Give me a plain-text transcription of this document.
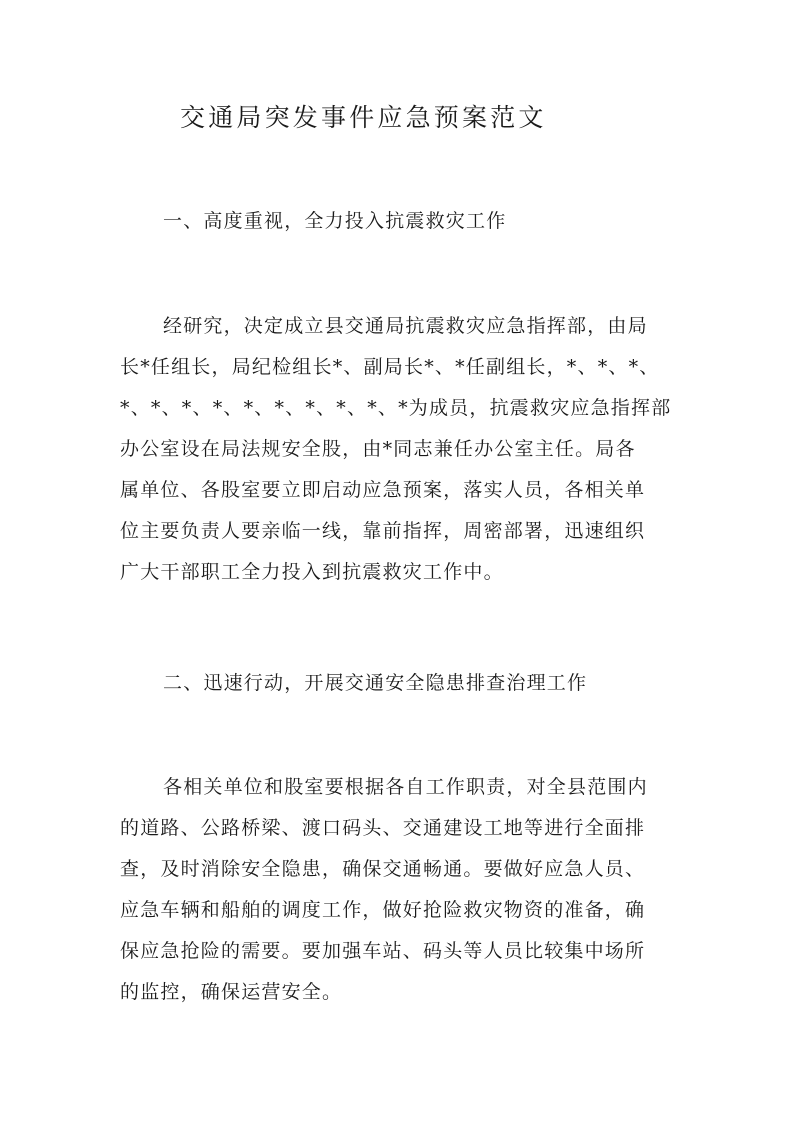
交通局突发事件应急预案范文
一、高度重视，全力投入抗震救灾工作
经研究，决定成立县交通局抗震救灾应急指挥部，由局
长*任组长，局纪检组长*、副局长*、*任副组长，*、*、*、
*、*、*、*、*、*、*、*、*、*为成员，抗震救灾应急指挥部
办公室设在局法规安全股，由*同志兼任办公室主任。局各
属单位、各股室要立即启动应急预案，落实人员，各相关单
位主要负责人要亲临一线，靠前指挥，周密部署，迅速组织
广大干部职工全力投入到抗震救灾工作中。
二、迅速行动，开展交通安全隐患排查治理工作
各相关单位和股室要根据各自工作职责，对全县范围内
的道路、公路桥梁、渡口码头、交通建设工地等进行全面排
查，及时消除安全隐患，确保交通畅通。要做好应急人员、
应急车辆和船舶的调度工作，做好抢险救灾物资的准备，确
保应急抢险的需要。要加强车站、码头等人员比较集中场所
的监控，确保运营安全。
